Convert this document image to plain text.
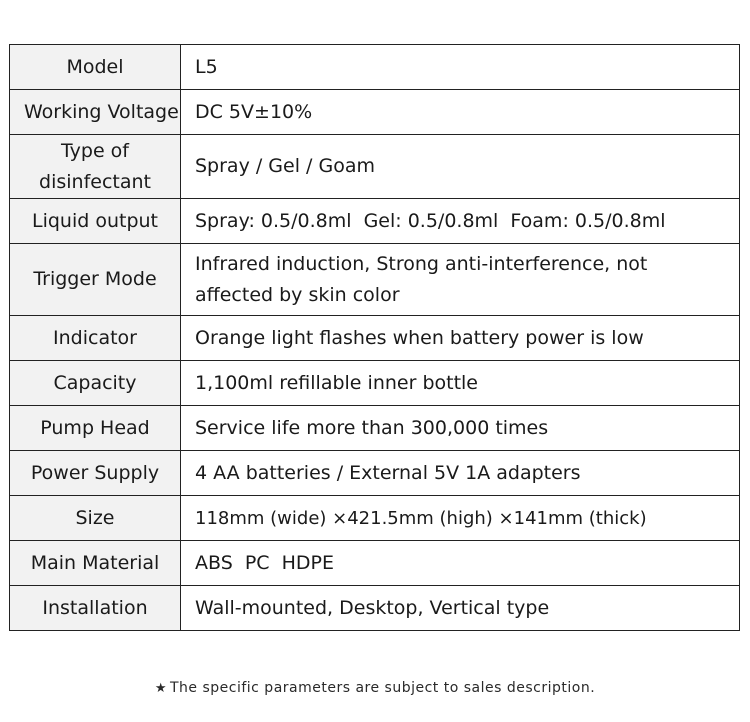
Model	L5
Working Voltage	DC 5V±10%
Type of disinfectant	Spray / Gel / Goam
Liquid output	Spray: 0.5/0.8ml  Gel: 0.5/0.8ml  Foam: 0.5/0.8ml
Trigger Mode	Infrared induction, Strong anti-interference, not affected by skin color
Indicator	Orange light flashes when battery power is low
Capacity	1,100ml refillable inner bottle
Pump Head	Service life more than 300,000 times
Power Supply	4 AA batteries / External 5V 1A adapters
Size	118mm (wide) ×421.5mm (high) ×141mm (thick)
Main Material	ABS  PC  HDPE
Installation	Wall-mounted, Desktop, Vertical type
★ The specific parameters are subject to sales description.
